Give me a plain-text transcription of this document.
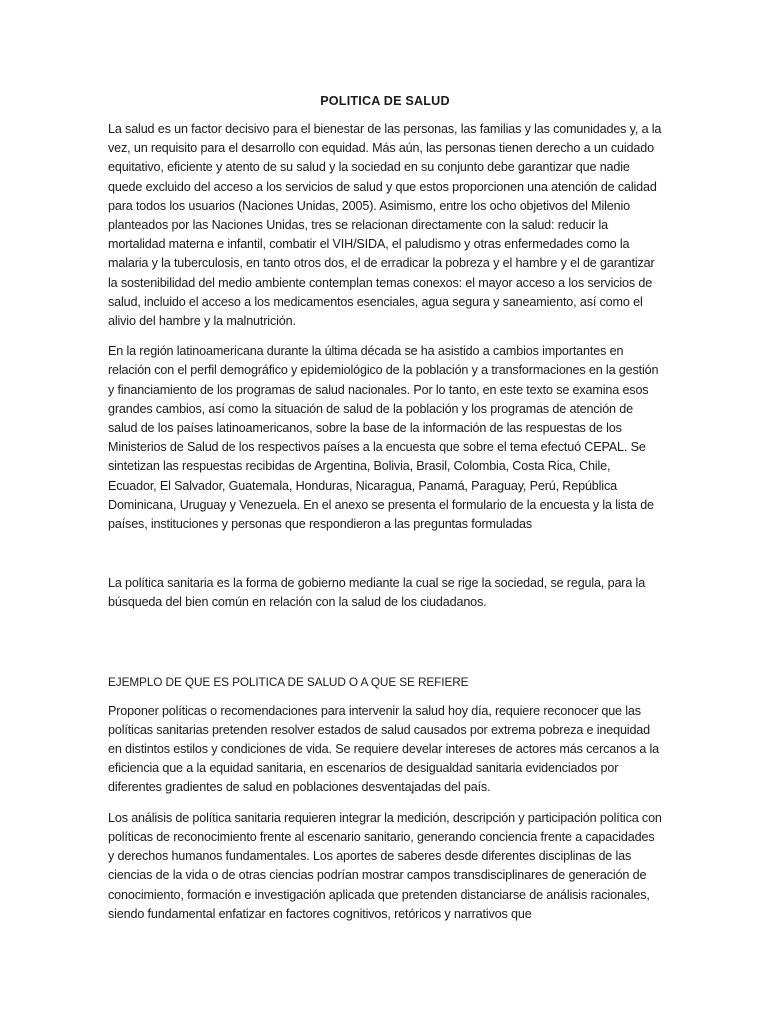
POLITICA DE SALUD

La salud es un factor decisivo para el bienestar de las personas, las familias y las comunidades y, a la vez, un requisito para el desarrollo con equidad. Más aún, las personas tienen derecho a un cuidado equitativo, eficiente y atento de su salud y la sociedad en su conjunto debe garantizar que nadie quede excluido del acceso a los servicios de salud y que estos proporcionen una atención de calidad para todos los usuarios (Naciones Unidas, 2005). Asimismo, entre los ocho objetivos del Milenio planteados por las Naciones Unidas, tres se relacionan directamente con la salud: reducir la mortalidad materna e infantil, combatir el VIH/SIDA, el paludismo y otras enfermedades como la malaria y la tuberculosis, en tanto otros dos, el de erradicar la pobreza y el hambre y el de garantizar la sostenibilidad del medio ambiente contemplan temas conexos: el mayor acceso a los servicios de salud, incluido el acceso a los medicamentos esenciales, agua segura y saneamiento, así como el alivio del hambre y la malnutrición.

En la región latinoamericana durante la última década se ha asistido a cambios importantes en relación con el perfil demográfico y epidemiológico de la población y a transformaciones en la gestión y financiamiento de los programas de salud nacionales. Por lo tanto, en este texto se examina esos grandes cambios, así como la situación de salud de la población y los programas de atención de salud de los países latinoamericanos, sobre la base de la información de las respuestas de los Ministerios de Salud de los respectivos países a la encuesta que sobre el tema efectuó CEPAL. Se sintetizan las respuestas recibidas de Argentina, Bolivia, Brasil, Colombia, Costa Rica, Chile, Ecuador, El Salvador, Guatemala, Honduras, Nicaragua, Panamá, Paraguay, Perú, República Dominicana, Uruguay y Venezuela. En el anexo se presenta el formulario de la encuesta y la lista de países, instituciones y personas que respondieron a las preguntas formuladas

La política sanitaria es la forma de gobierno mediante la cual se rige la sociedad, se regula, para la búsqueda del bien común en relación con la salud de los ciudadanos.

EJEMPLO DE QUE ES POLITICA DE SALUD O A QUE SE REFIERE

Proponer políticas o recomendaciones para intervenir la salud hoy día, requiere reconocer que las políticas sanitarias pretenden resolver estados de salud causados por extrema pobreza e inequidad en distintos estilos y condiciones de vida. Se requiere develar intereses de actores más cercanos a la eficiencia que a la equidad sanitaria, en escenarios de desigualdad sanitaria evidenciados por diferentes gradientes de salud en poblaciones desventajadas del país.

Los análisis de política sanitaria requieren integrar la medición, descripción y participación política con políticas de reconocimiento frente al escenario sanitario, generando conciencia frente a capacidades y derechos humanos fundamentales. Los aportes de saberes desde diferentes disciplinas de las ciencias de la vida o de otras ciencias podrían mostrar campos transdisciplinares de generación de conocimiento, formación e investigación aplicada que pretenden distanciarse de análisis racionales, siendo fundamental enfatizar en factores cognitivos, retóricos y narrativos que
